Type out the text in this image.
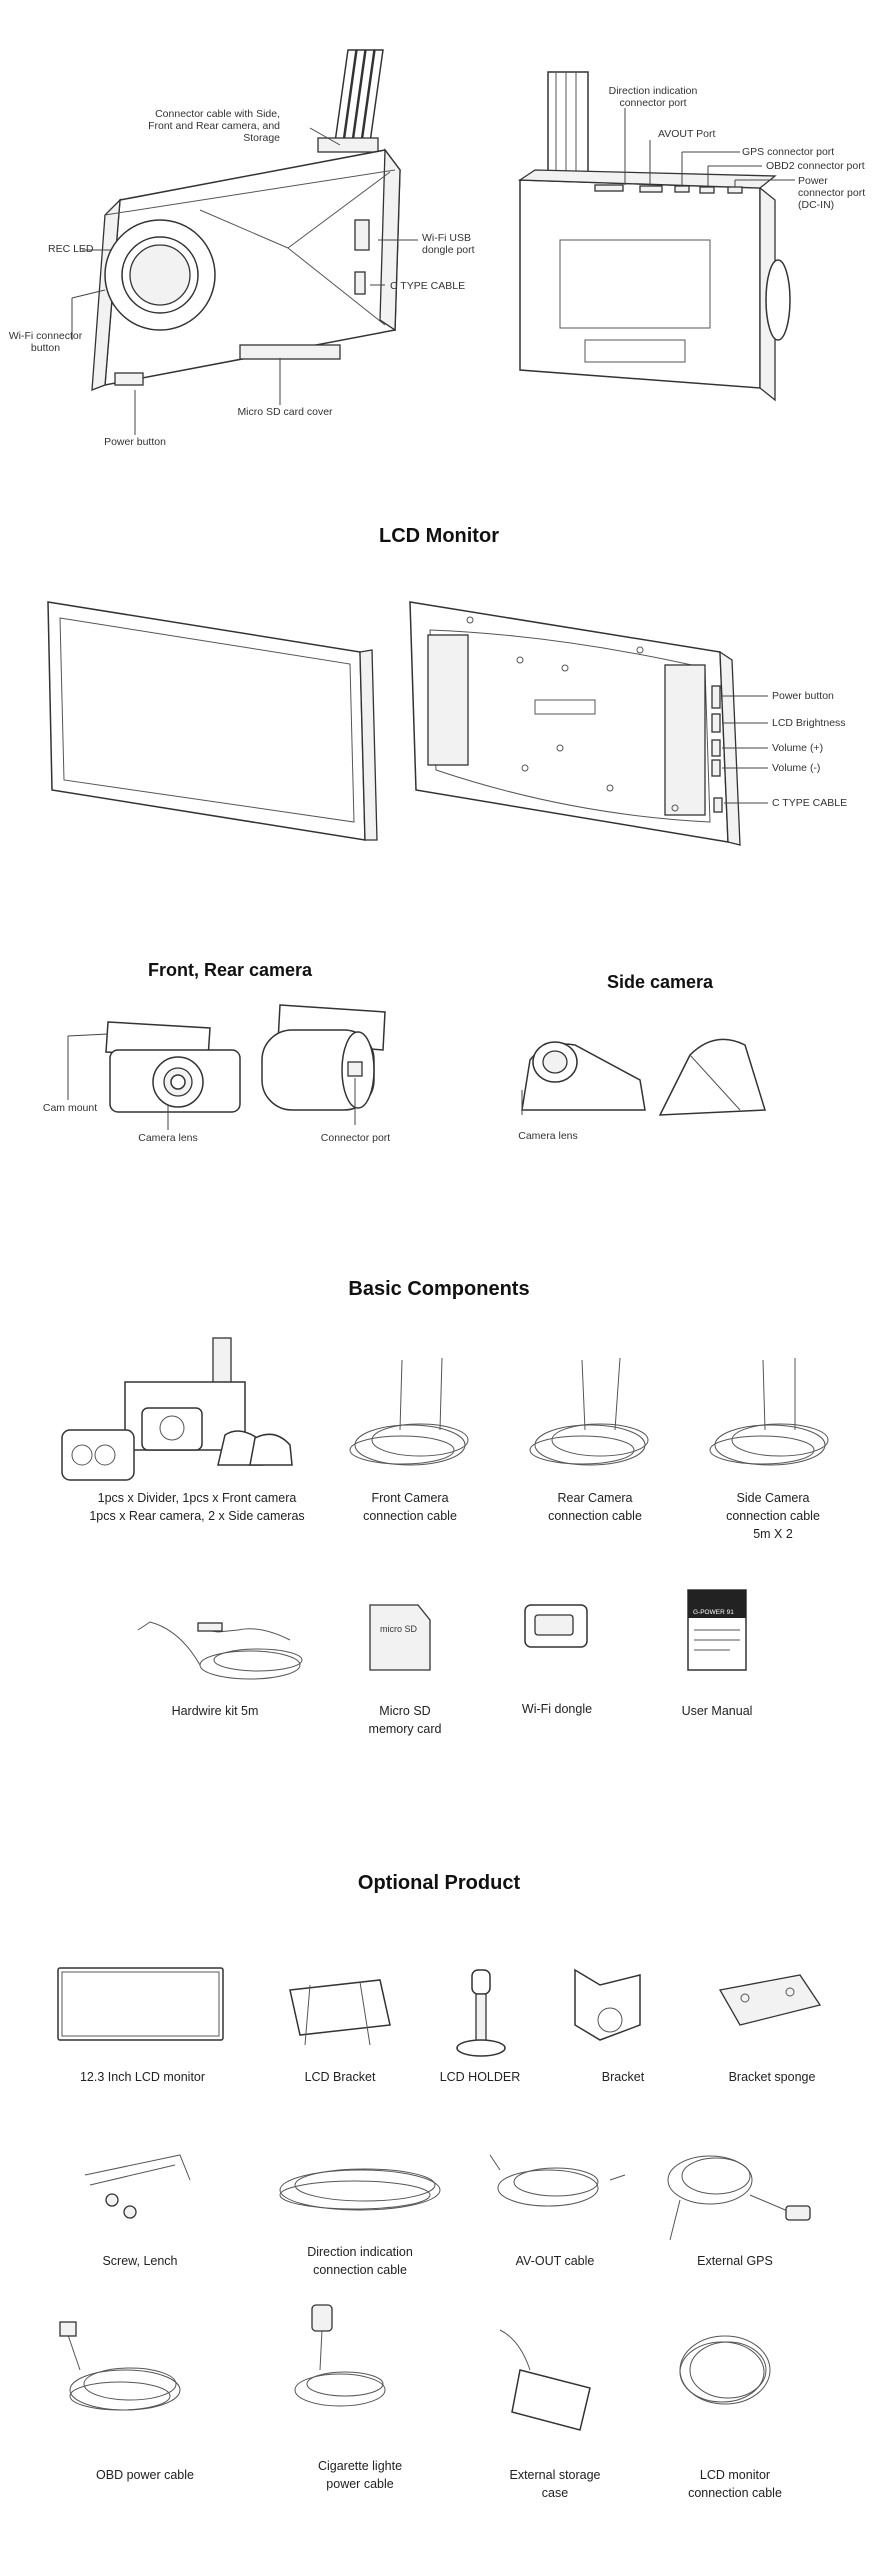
Connector cable with Side,
Front and Rear camera, and Storage
REC LED
Wi-Fi connector
button
Power button
Micro SD card cover
Wi-Fi USB
dongle port
C TYPE CABLE
Direction indication
connector port
AVOUT Port
GPS connector port
OBD2 connector port
Power
connector port
(DC-IN)
LCD Monitor
Power button
LCD Brightness
Volume (+)
Volume (-)
C TYPE CABLE
Front, Rear camera
Side camera
Cam mount
Camera lens	Connector port	Camera lens
Basic Components
micro SD
G-POWER 91
1pcs x Divider, 1pcs x Front camera
1pcs x Rear camera, 2 x Side cameras
Front Camera
connection cable
Rear Camera
connection cable
Side Camera
connection cable
5m X 2
Hardwire kit 5m	Micro SD
memory card
Wi-Fi dongle	User Manual
Optional Product
12.3 Inch LCD monitor	LCD Bracket	LCD HOLDER	Bracket	Bracket sponge
Screw, Lench
Direction indication
connection cable
AV-OUT cable	External GPS
OBD power cable
Cigarette lighte
power cable
External storage
case
LCD monitor
connection cable
